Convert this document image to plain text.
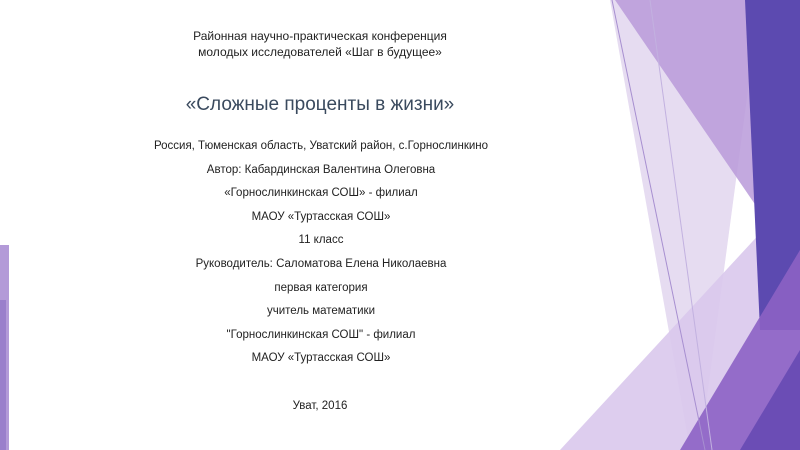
Районная научно-практическая конференция
молодых исследователей «Шаг в будущее»
«Сложные проценты в жизни»
Россия, Тюменская область, Уватский район, с.Горнослинкино
Автор: Кабардинская Валентина Олеговна
«Горнослинкинская СОШ» - филиал
МАОУ «Туртасская СОШ»
11 класс
Руководитель: Саломатова Елена Николаевна
первая категория
учитель математики
"Горнослинкинская СОШ" - филиал
МАОУ «Туртасская СОШ»
Уват, 2016
